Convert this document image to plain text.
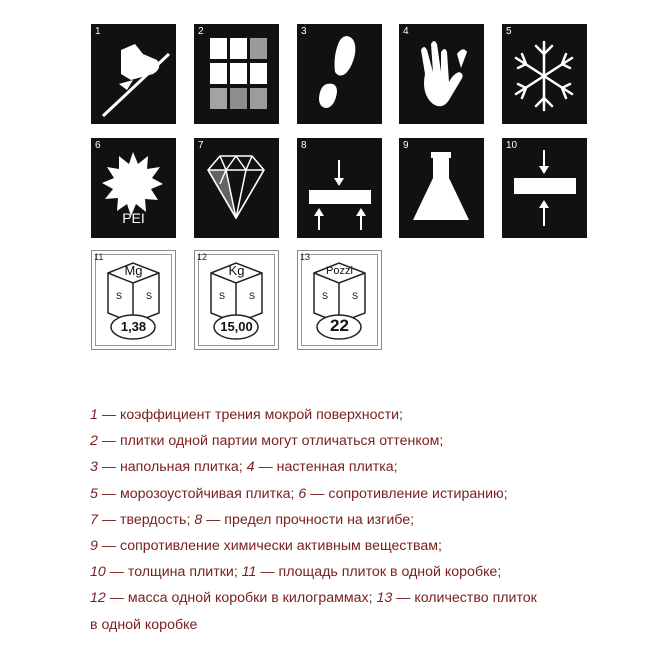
1	2	3	4	5
6
PEI
7	8	9	10
11
Mg
S	S
1,38
12
Kg
S	S
15,00
13
Pozzi
S	S
22
1 — коэффициент трения мокрой поверхности;
2 — плитки одной партии могут отличаться оттенком;
3 — напольная плитка; 4 — настенная плитка;
5 — морозоустойчивая плитка; 6 — сопротивление истиранию;
7 — твердость; 8 — предел прочности на изгибе;
9 — сопротивление химически активным веществам;
10 — толщина плитки; 11 — площадь плиток в одной коробке;
12 — масса одной коробки в килограммах; 13 — количество плиток
в одной коробке
